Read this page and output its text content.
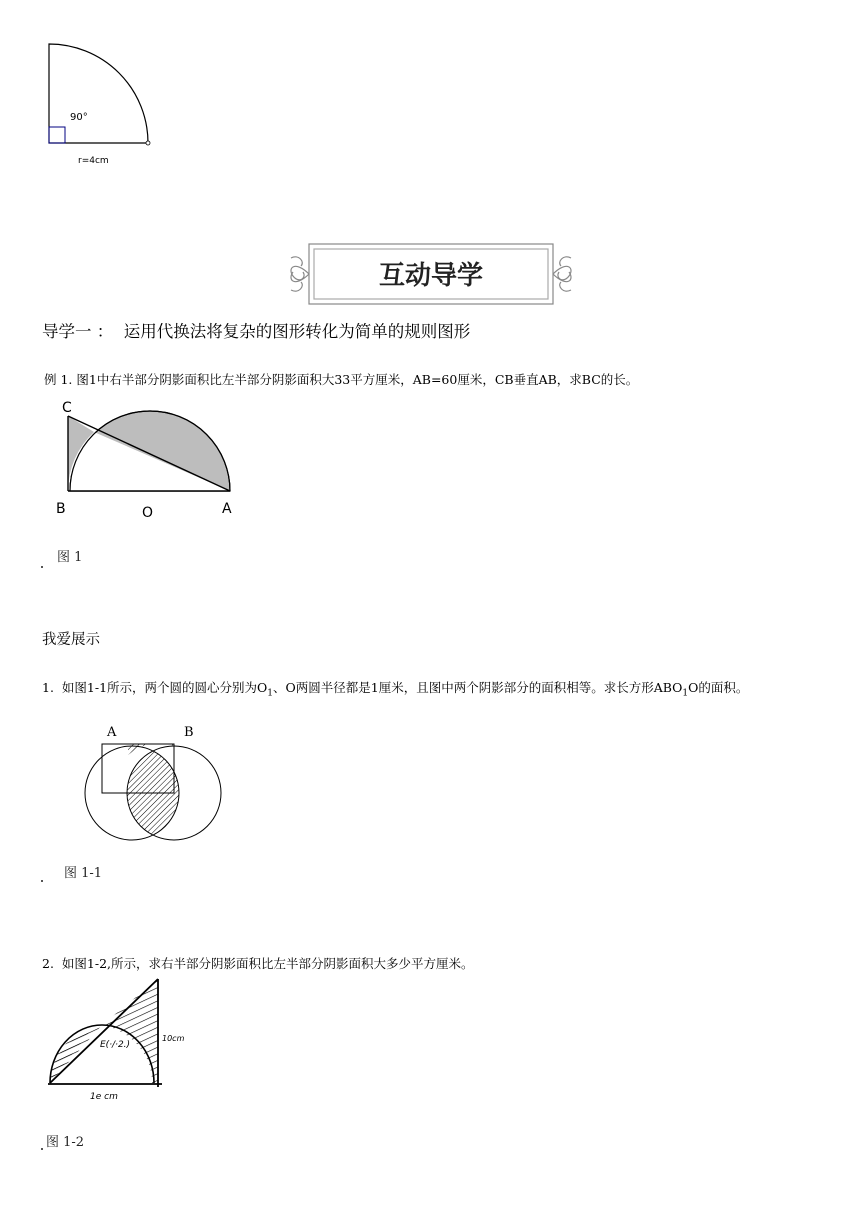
90°
r=4cm
互动导学
导学一 ：  运用代换法将复杂的图形转化为简单的规则图形
例 1. 图1中右半部分阴影面积比左半部分阴影面积大33平方厘米，AB=60厘米，CB垂直AB，求BC的长。
C
B	O	A
图 1
我爱展示
1. 如图1-1所示，两个圆的圆心分别为$O_1$、O两圆半径都是1厘米，且图中两个阴影部分的面积相等。求长方形$ABO_1O$的面积。
A	B
图 1-1
2. 如图1-2,所示，求右半部分阴影面积比左半部分阴影面积大多少平方厘米。
E(·/·2.)
10cm
1e cm
图 1-2
